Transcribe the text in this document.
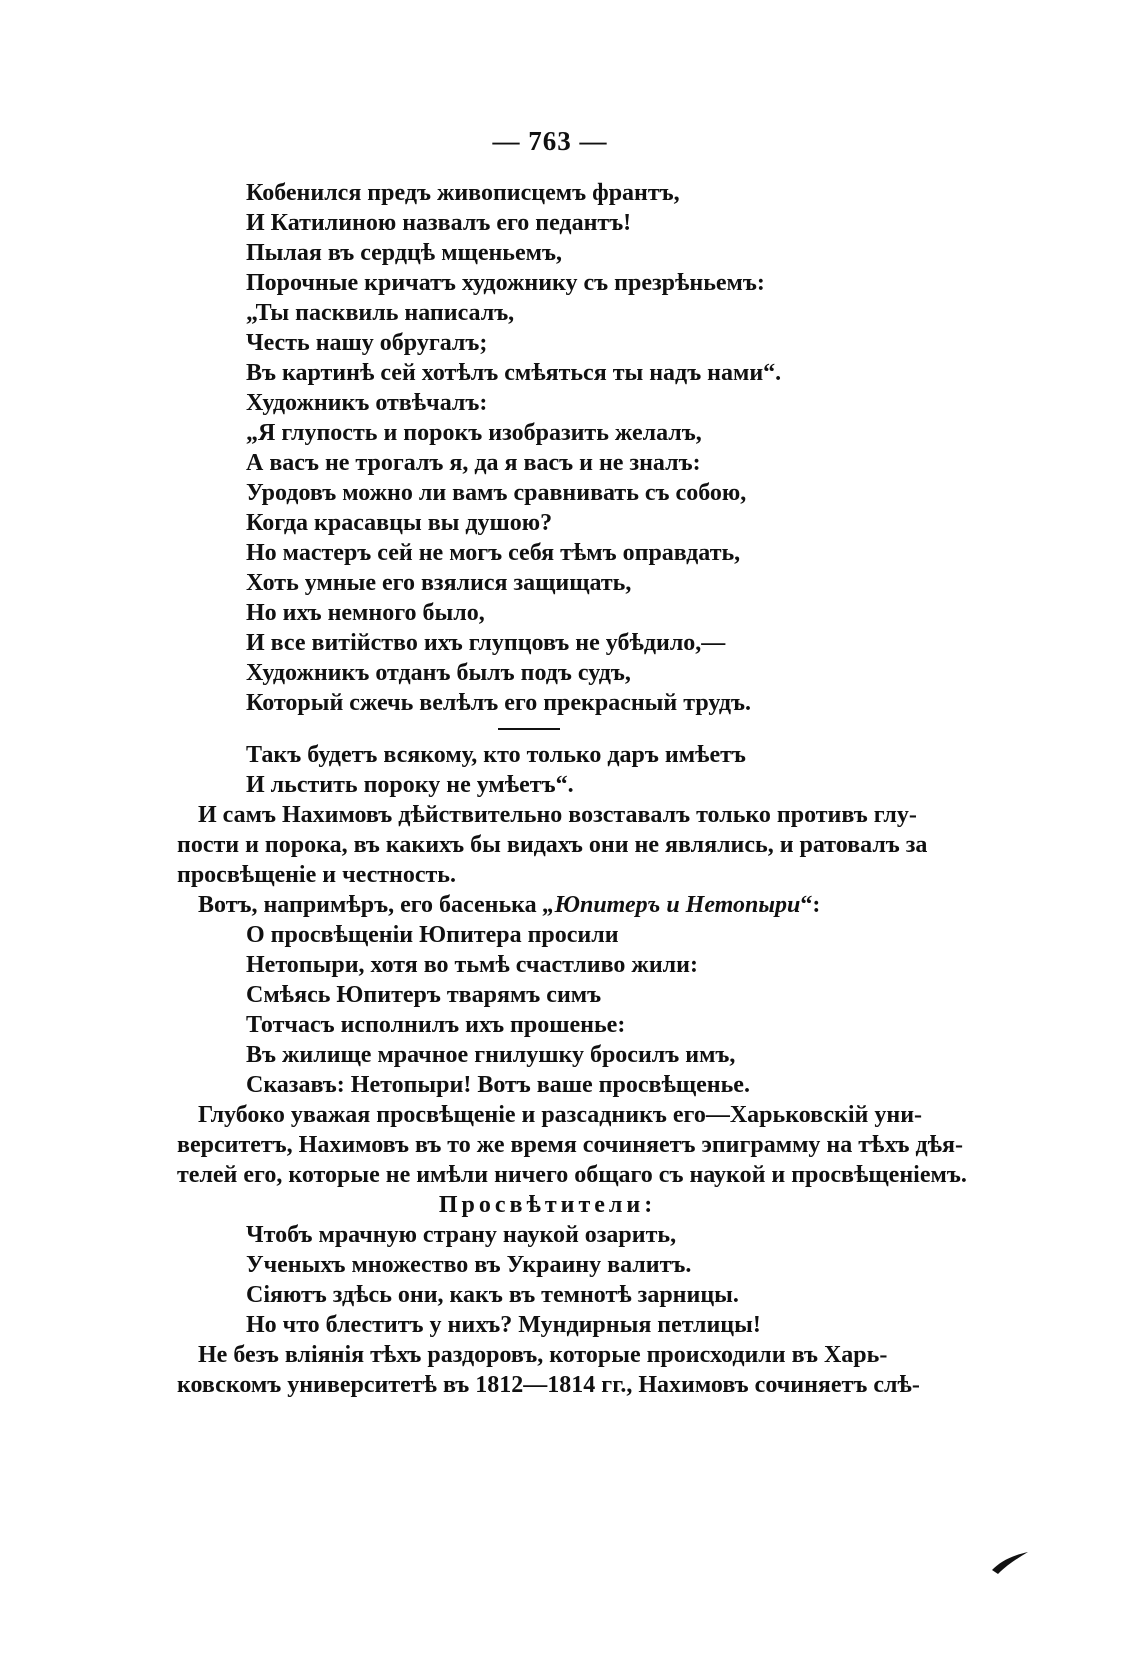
— 763 —
Кобенился предъ живописцемъ франтъ,
И Катилиною назвалъ его педантъ!
Пылая въ сердцѣ мщеньемъ,
Порочные кричатъ художнику съ презрѣньемъ:
„Ты пасквиль написалъ,
Честь нашу обругалъ;
Въ картинѣ сей хотѣлъ смѣяться ты надъ нами“.
Художникъ отвѣчалъ:
„Я глупость и порокъ изобразить желалъ,
А васъ не трогалъ я, да я васъ и не зналъ:
Уродовъ можно ли вамъ сравнивать съ собою,
Когда красавцы вы душою?
Но мастеръ сей не могъ себя тѣмъ оправдать,
Хоть умные его взялися защищать,
Но ихъ немного было,
И все витійство ихъ глупцовъ не убѣдило,—
Художникъ отданъ былъ подъ судъ,
Который сжечь велѣлъ его прекрасный трудъ.
Такъ будетъ всякому, кто только даръ имѣетъ
И льстить пороку не умѣетъ“.
И самъ Нахимовъ дѣйствительно возставалъ только противъ глу-
пости и порока, въ какихъ бы видахъ они не являлись, и ратовалъ за
просвѣщеніе и честность.
Вотъ, напримѣръ, его басенька „Юпитеръ и Нетопыри“:
О просвѣщеніи Юпитера просили
Нетопыри, хотя во тьмѣ счастливо жили:
Смѣясь Юпитеръ тварямъ симъ
Тотчасъ исполнилъ ихъ прошенье:
Въ жилище мрачное гнилушку бросилъ имъ,
Сказавъ: Нетопыри! Вотъ ваше просвѣщенье.
Глубоко уважая просвѣщеніе и разсадникъ его—Харьковскій уни-
верситетъ, Нахимовъ въ то же время сочиняетъ эпиграмму на тѣхъ дѣя-
телей его, которые не имѣли ничего общаго съ наукой и просвѣщеніемъ.
Просвѣтители:
Чтобъ мрачную страну наукой озарить,
Ученыхъ множество въ Украину валитъ.
Сіяютъ здѣсь они, какъ въ темнотѣ зарницы.
Но что блеститъ у нихъ? Мундирныя петлицы!
Не безъ вліянія тѣхъ раздоровъ, которые происходили въ Харь-
ковскомъ университетѣ въ 1812—1814 гг., Нахимовъ сочиняетъ слѣ-
